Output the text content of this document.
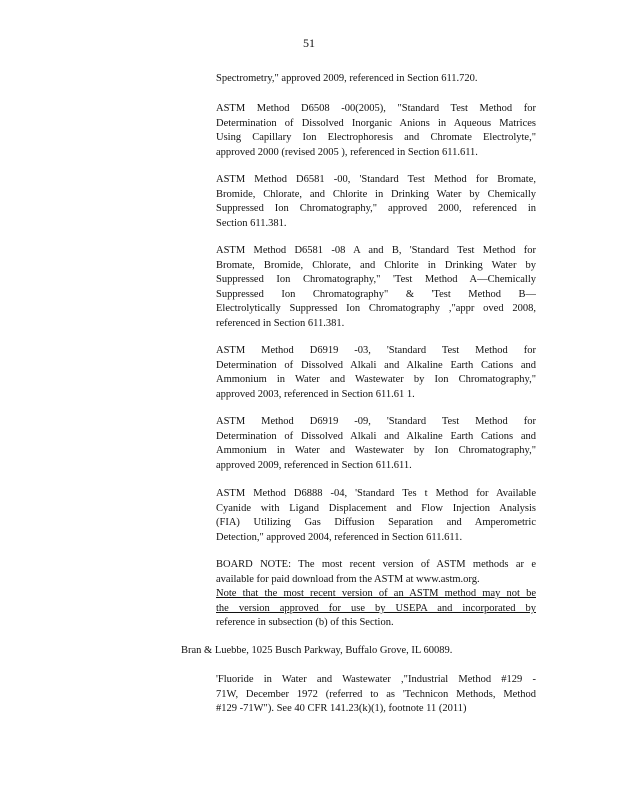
51
Spectrometry," approved 2009, referenced in Section 611.720.
ASTM Method D6508 -00(2005), "Standard Test Method for
Determination of Dissolved Inorganic Anions in Aqueous Matrices
Using Capillary Ion Electrophoresis and Chromate Electrolyte,"
approved 2000 (revised 2005 ), referenced in Section 611.611.
ASTM Method D6581 -00, 'Standard Test Method for Bromate,
Bromide, Chlorate, and Chlorite in Drinking Water by Chemically
Suppressed Ion Chromatography," approved 2000, referenced in
Section 611.381.
ASTM Method D6581 -08 A and B, 'Standard Test Method for
Bromate, Bromide, Chlorate, and Chlorite in Drinking Water by
Suppressed Ion Chromatography," 'Test Method A—Chemically
Suppressed Ion Chromatography" & 'Test Method B—
Electrolytically Suppressed Ion Chromatography ,"appr oved 2008,
referenced in Section 611.381.
ASTM Method D6919 -03, 'Standard Test Method for
Determination of Dissolved Alkali and Alkaline Earth Cations and
Ammonium in Water and Wastewater by Ion Chromatography,"
approved 2003, referenced in Section 611.61 1.
ASTM Method D6919 -09, 'Standard Test Method for
Determination of Dissolved Alkali and Alkaline Earth Cations and
Ammonium in Water and Wastewater by Ion Chromatography,"
approved 2009, referenced in Section 611.611.
ASTM Method D6888 -04, 'Standard Tes t Method for Available
Cyanide with Ligand Displacement and Flow Injection Analysis
(FIA) Utilizing Gas Diffusion Separation and Amperometric
Detection," approved 2004, referenced in Section 611.611.
BOARD NOTE: The most recent version of ASTM methods ar e
available for paid download from the ASTM at www.astm.org.
Note that the most recent version of an ASTM method may not be
the version approved for use by USEPA and incorporated by
reference in subsection (b) of this Section.
Bran & Luebbe, 1025 Busch Parkway, Buffalo Grove, IL 60089.
'Fluoride in Water and Wastewater ,"Industrial Method #129 -
71W, December 1972 (referred to as 'Technicon Methods, Method
#129 -71W"). See 40 CFR 141.23(k)(1), footnote 11 (2011)
